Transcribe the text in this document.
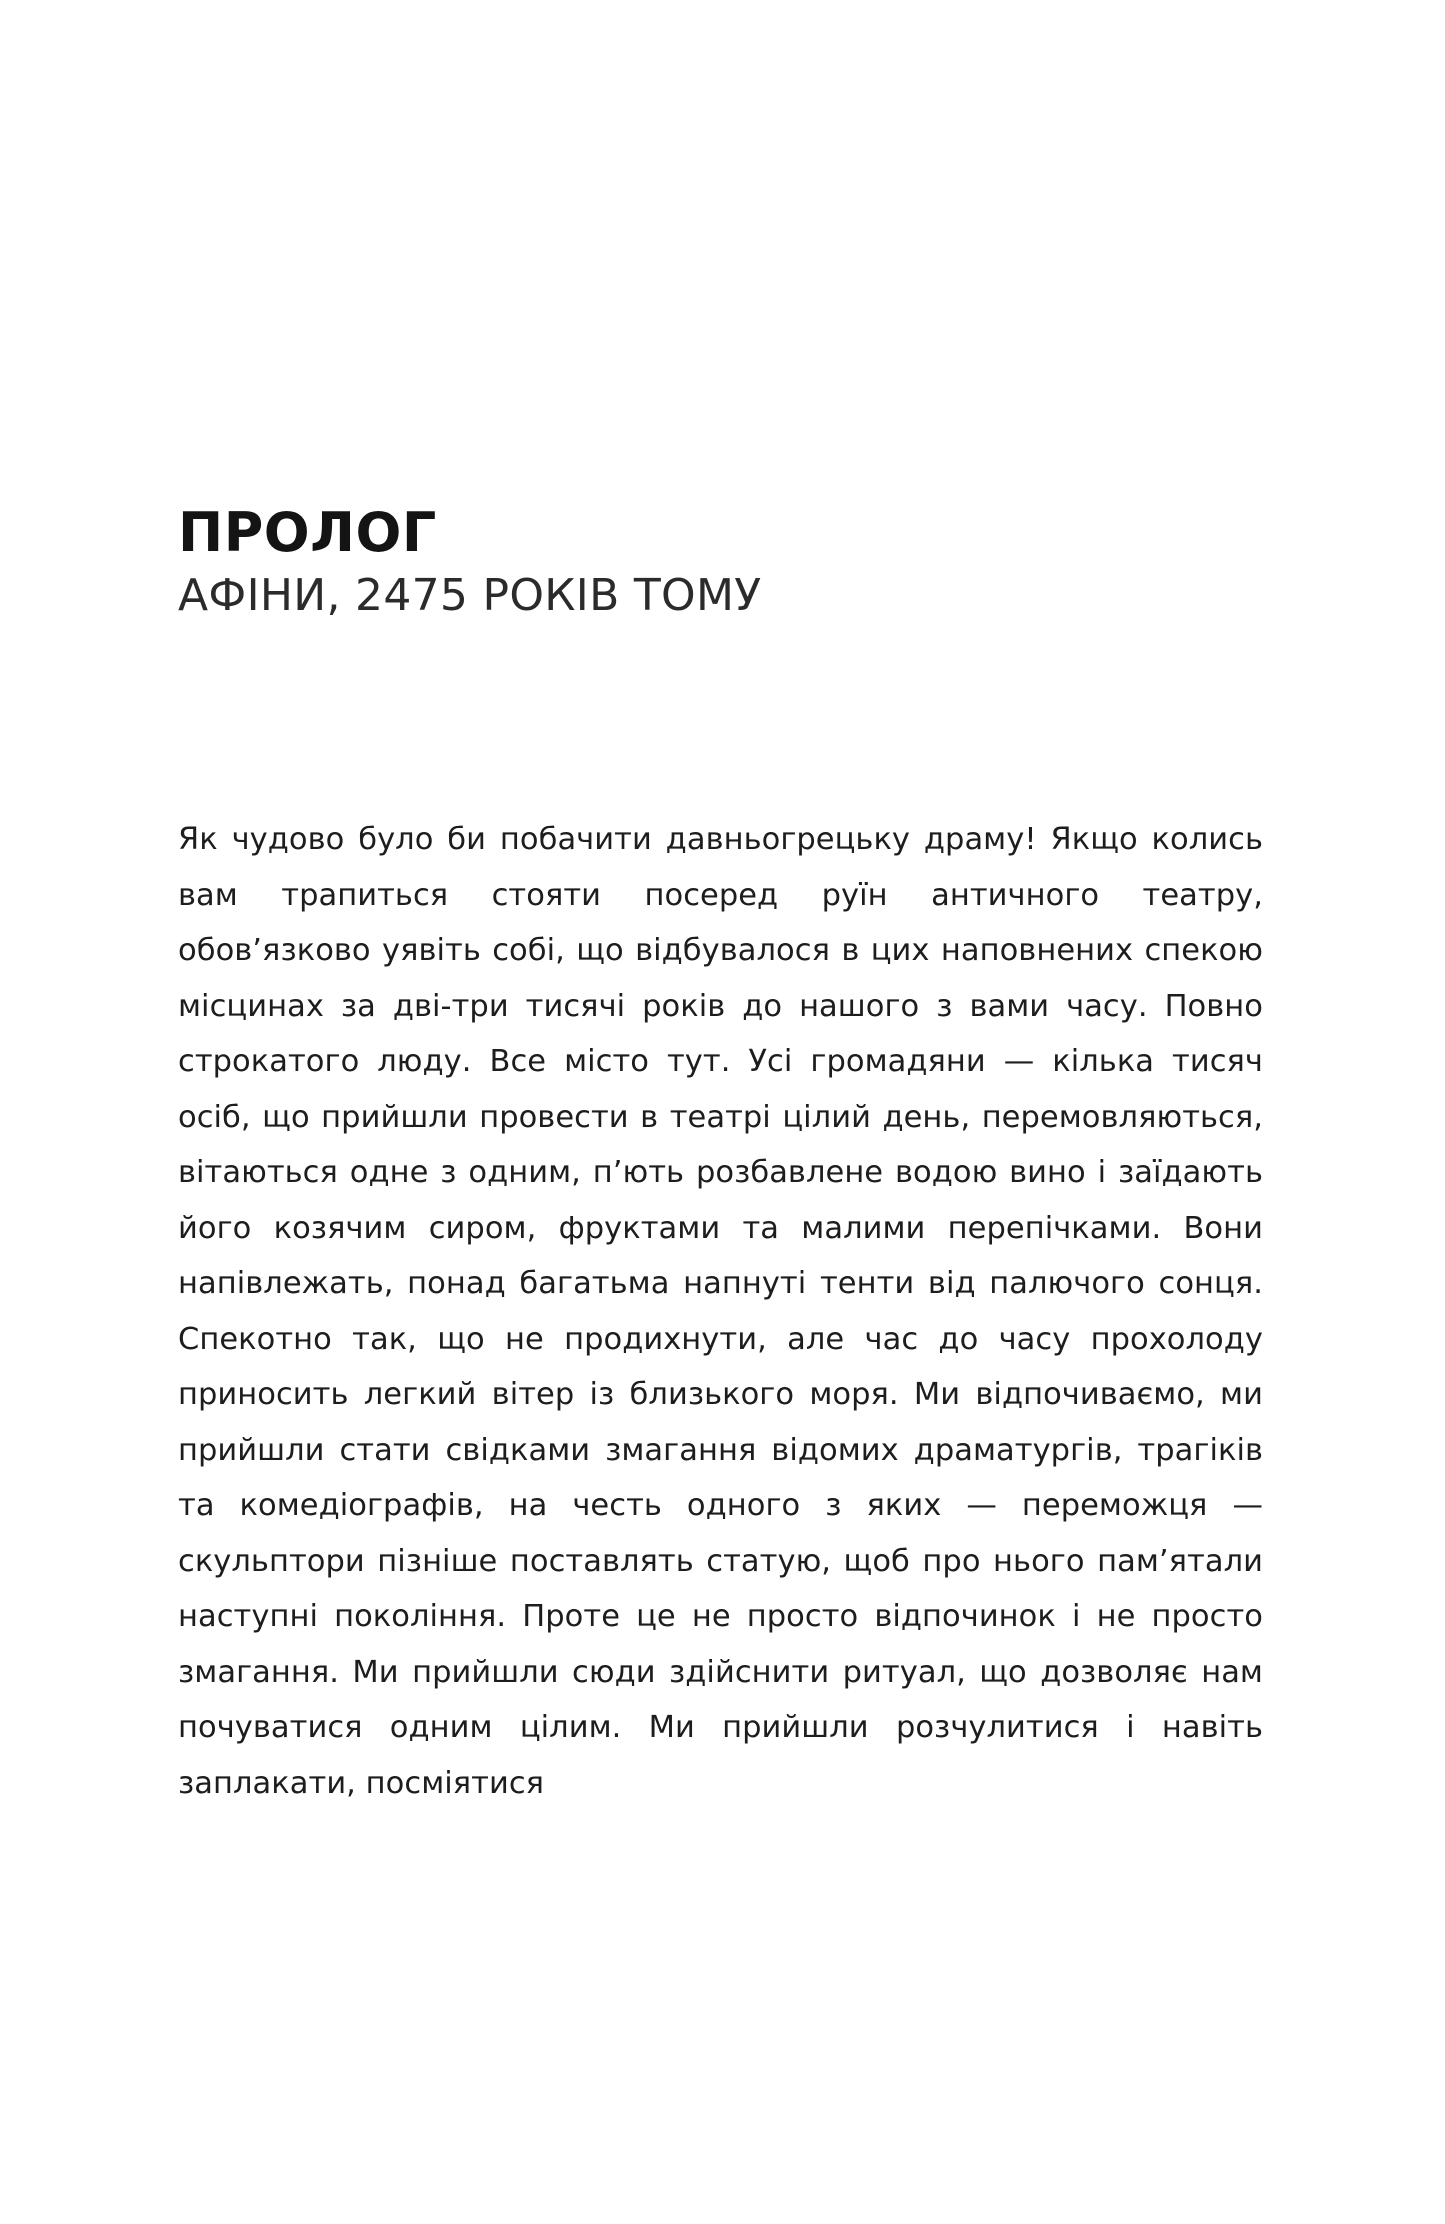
ПРОЛОГ
АФІНИ, 2475 РОКІВ ТОМУ

Як чудово було би побачити давньогрецьку драму! Якщо колись вам трапиться стояти посеред руїн античного театру, обов’язково уявіть собі, що відбувалося в цих наповнених спекою місцинах за дві-три тисячі років до нашого з вами часу. Повно строкатого люду. Все місто тут. Усі громадяни — кілька тисяч осіб, що прийшли провести в театрі цілий день, перемовляються, вітаються одне з одним, п’ють розбавлене водою вино і заїдають його козячим сиром, фруктами та малими перепічками. Вони напівлежать, понад багатьма напнуті тенти від палючого сонця. Спекотно так, що не продихнути, але час до часу прохолоду приносить легкий вітер із близького моря. Ми відпочиваємо, ми прийшли стати свідками змагання відомих драматургів, трагіків та комедіографів, на честь одного з яких — переможця — скульптори пізніше поставлять статую, щоб про нього пам’ятали наступні покоління. Проте це не просто відпочинок і не просто змагання. Ми прийшли сюди здійснити ритуал, що дозволяє нам почуватися одним цілим. Ми прийшли розчулитися і навіть заплакати, посміятися
